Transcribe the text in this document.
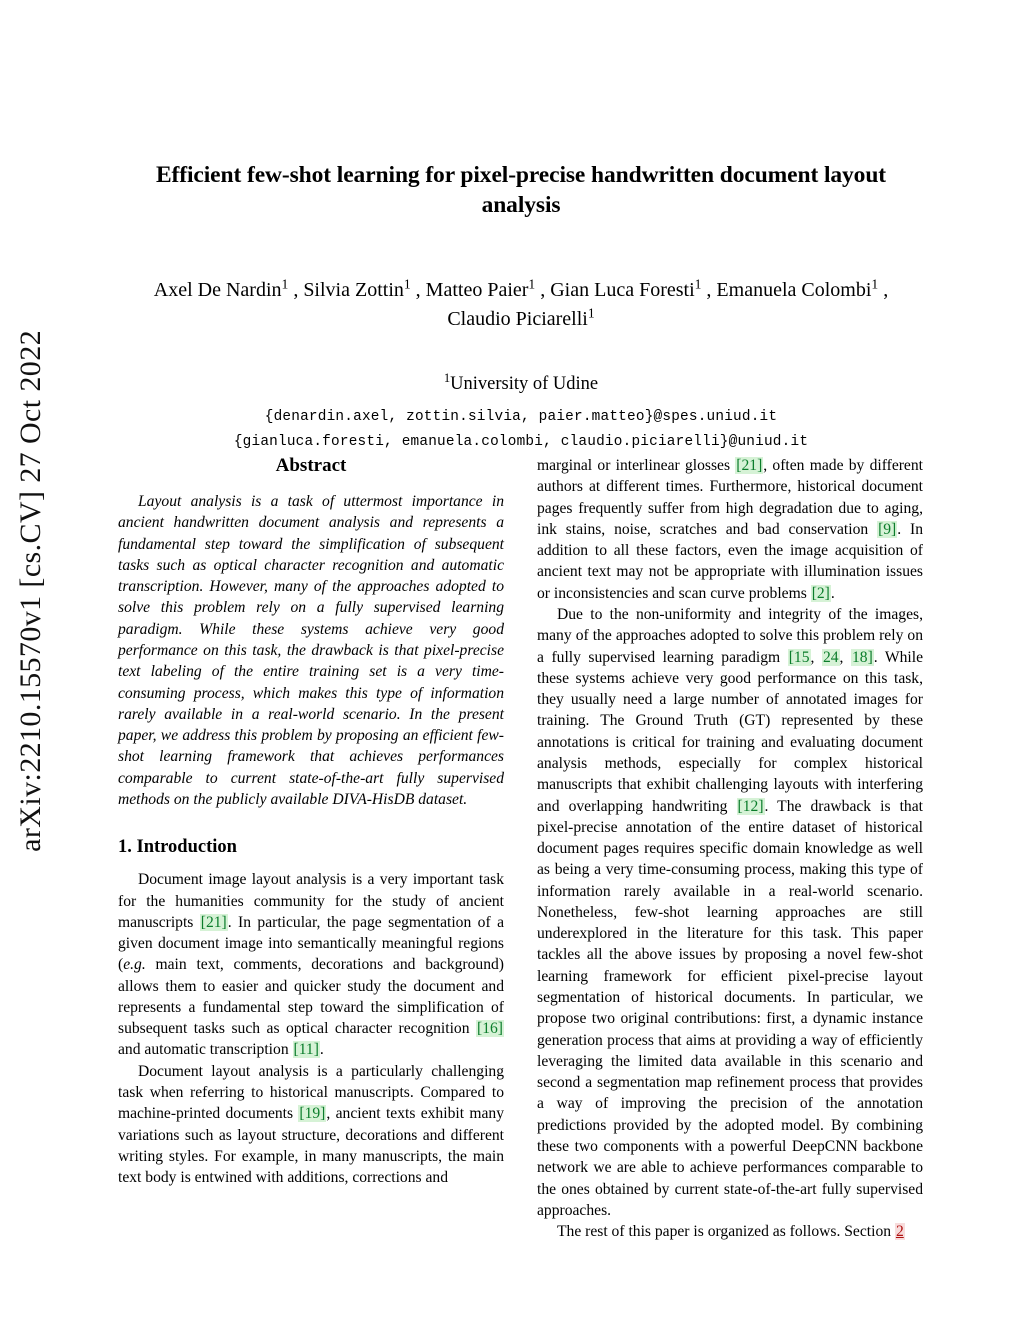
arXiv:2210.15570v1 [cs.CV] 27 Oct 2022
Efficient few-shot learning for pixel-precise handwritten document layout analysis
Axel De Nardin$^1$ , Silvia Zottin$^1$ , Matteo Paier$^1$ , Gian Luca Foresti$^1$ , Emanuela Colombi$^1$ ,
Claudio Piciarelli$^1$
$^1$University of Udine
{denardin.axel, zottin.silvia, paier.matteo}@spes.uniud.it
{gianluca.foresti, emanuela.colombi, claudio.piciarelli}@uniud.it
Abstract

Layout analysis is a task of uttermost importance in ancient handwritten document analysis and represents a fundamental step toward the simplification of subsequent tasks such as optical character recognition and automatic transcription. However, many of the approaches adopted to solve this problem rely on a fully supervised learning paradigm. While these systems achieve very good performance on this task, the drawback is that pixel-precise text labeling of the entire training set is a very time-consuming process, which makes this type of information rarely available in a real-world scenario. In the present paper, we address this problem by proposing an efficient few-shot learning framework that achieves performances comparable to current state-of-the-art fully supervised methods on the publicly available DIVA-HisDB dataset.

1. Introduction

Document image layout analysis is a very important task for the humanities community for the study of ancient manuscripts [21]. In particular, the page segmentation of a given document image into semantically meaningful regions (e.g. main text, comments, decorations and background) allows them to easier and quicker study the document and represents a fundamental step toward the simplification of subsequent tasks such as optical character recognition [16] and automatic transcription [11].

Document layout analysis is a particularly challenging task when referring to historical manuscripts. Compared to machine-printed documents [19], ancient texts exhibit many variations such as layout structure, decorations and different writing styles. For example, in many manuscripts, the main text body is entwined with additions, corrections and

marginal or interlinear glosses [21], often made by different authors at different times. Furthermore, historical document pages frequently suffer from high degradation due to aging, ink stains, noise, scratches and bad conservation [9]. In addition to all these factors, even the image acquisition of ancient text may not be appropriate with illumination issues or inconsistencies and scan curve problems [2].

Due to the non-uniformity and integrity of the images, many of the approaches adopted to solve this problem rely on a fully supervised learning paradigm [15, 24, 18]. While these systems achieve very good performance on this task, they usually need a large number of annotated images for training. The Ground Truth (GT) represented by these annotations is critical for training and evaluating document analysis methods, especially for complex historical manuscripts that exhibit challenging layouts with interfering and overlapping handwriting [12]. The drawback is that pixel-precise annotation of the entire dataset of historical document pages requires specific domain knowledge as well as being a very time-consuming process, making this type of information rarely available in a real-world scenario. Nonetheless, few-shot learning approaches are still underexplored in the literature for this task. This paper tackles all the above issues by proposing a novel few-shot learning framework for efficient pixel-precise layout segmentation of historical documents. In particular, we propose two original contributions: first, a dynamic instance generation process that aims at providing a way of efficiently leveraging the limited data available in this scenario and second a segmentation map refinement process that provides a way of improving the precision of the annotation predictions provided by the adopted model. By combining these two components with a powerful DeepCNN backbone network we are able to achieve performances comparable to the ones obtained by current state-of-the-art fully supervised approaches.

The rest of this paper is organized as follows. Section 2
